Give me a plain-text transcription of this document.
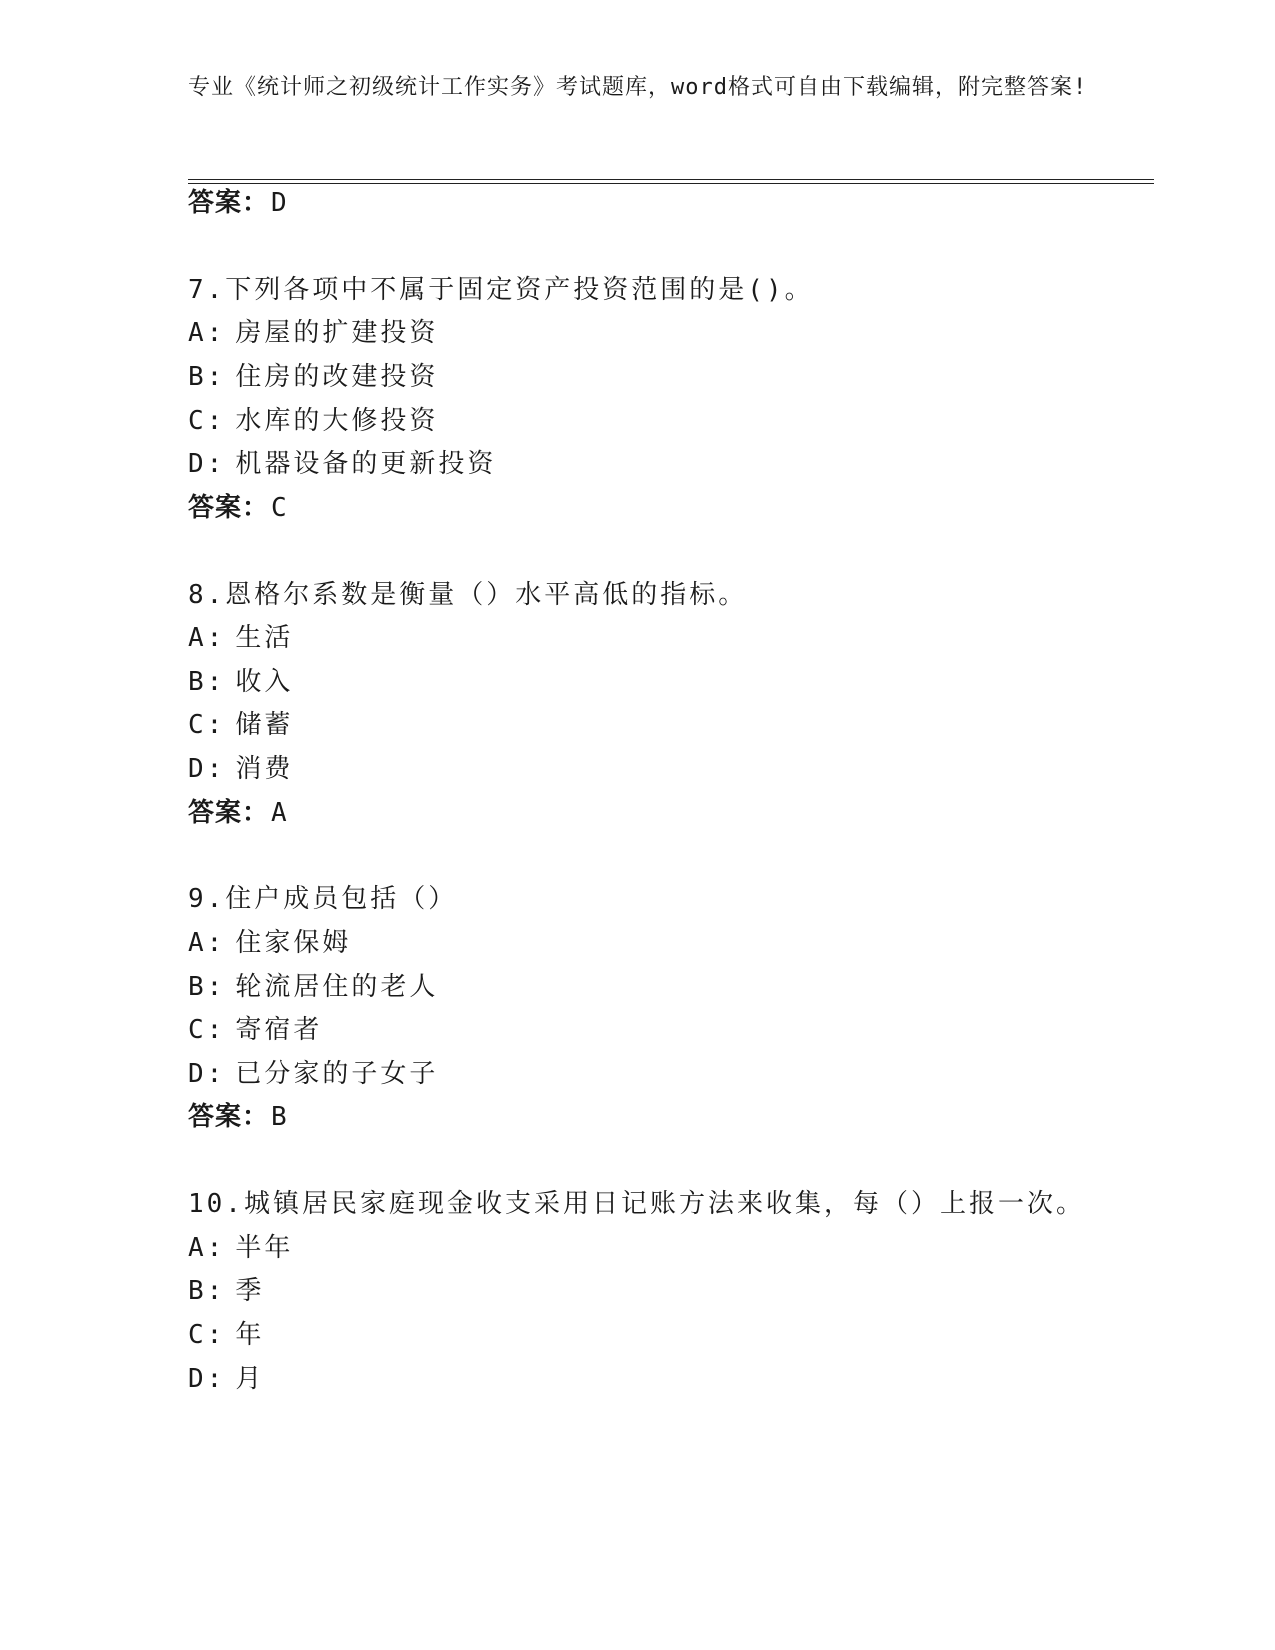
专业《统计师之初级统计工作实务》考试题库，word格式可自由下载编辑，附完整答案!
答案：D
7.下列各项中不属于固定资产投资范围的是()。
A: 房屋的扩建投资
B: 住房的改建投资
C: 水库的大修投资
D: 机器设备的更新投资
答案：C
8.恩格尔系数是衡量（）水平高低的指标。
A: 生活
B: 收入
C: 储蓄
D: 消费
答案：A
9.住户成员包括（）
A: 住家保姆
B: 轮流居住的老人
C: 寄宿者
D: 已分家的子女子
答案：B
10.城镇居民家庭现金收支采用日记账方法来收集，每（）上报一次。
A: 半年
B: 季
C: 年
D: 月
